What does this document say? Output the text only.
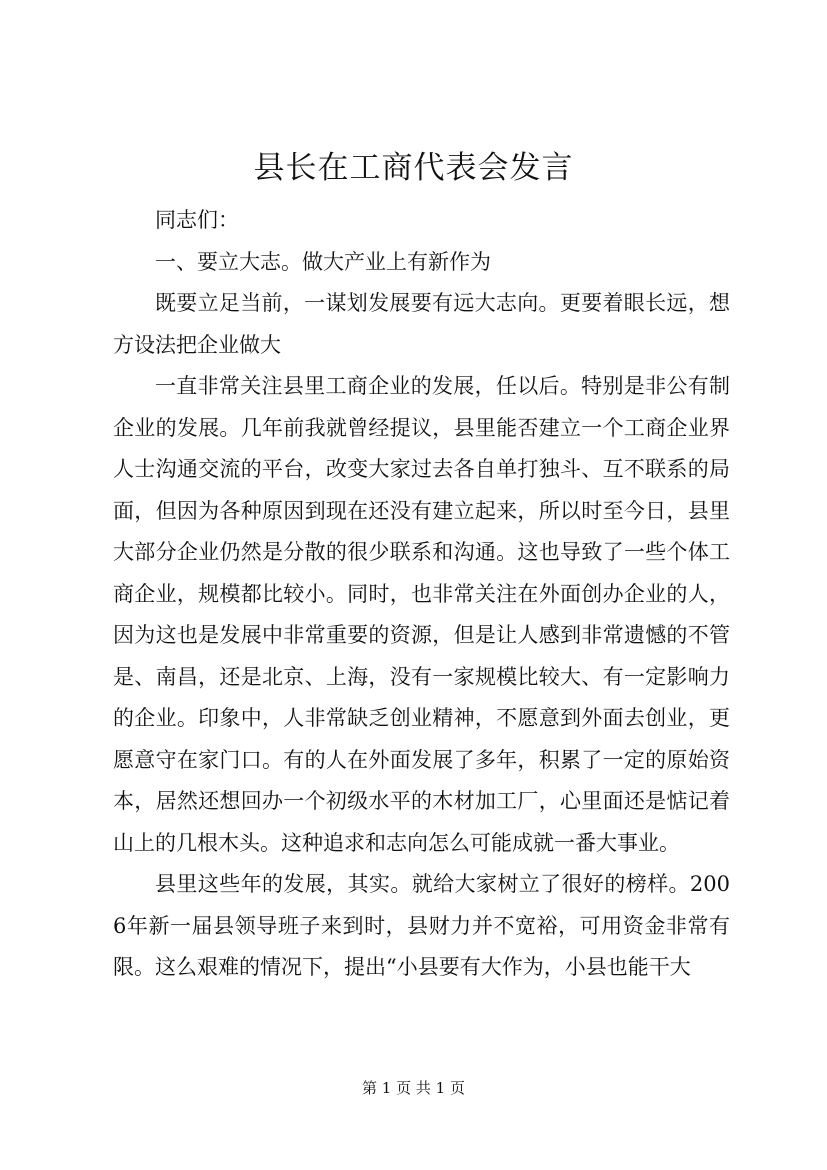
县长在工商代表会发言

同志们：

一、要立大志。做大产业上有新作为

既要立足当前，一谋划发展要有远大志向。更要着眼长远，想方设法把企业做大

一直非常关注县里工商企业的发展，任以后。特别是非公有制企业的发展。几年前我就曾经提议，县里能否建立一个工商企业界人士沟通交流的平台，改变大家过去各自单打独斗、互不联系的局面，但因为各种原因到现在还没有建立起来，所以时至今日，县里大部分企业仍然是分散的很少联系和沟通。这也导致了一些个体工商企业，规模都比较小。同时，也非常关注在外面创办企业的人，因为这也是发展中非常重要的资源，但是让人感到非常遗憾的不管是、南昌，还是北京、上海，没有一家规模比较大、有一定影响力的企业。印象中，人非常缺乏创业精神，不愿意到外面去创业，更愿意守在家门口。有的人在外面发展了多年，积累了一定的原始资本，居然还想回办一个初级水平的木材加工厂，心里面还是惦记着山上的几根木头。这种追求和志向怎么可能成就一番大事业。

县里这些年的发展，其实。就给大家树立了很好的榜样。2006年新一届县领导班子来到时，县财力并不宽裕，可用资金非常有限。这么艰难的情况下，提出“小县要有大作为，小县也能干大

第 1 页 共 1 页
